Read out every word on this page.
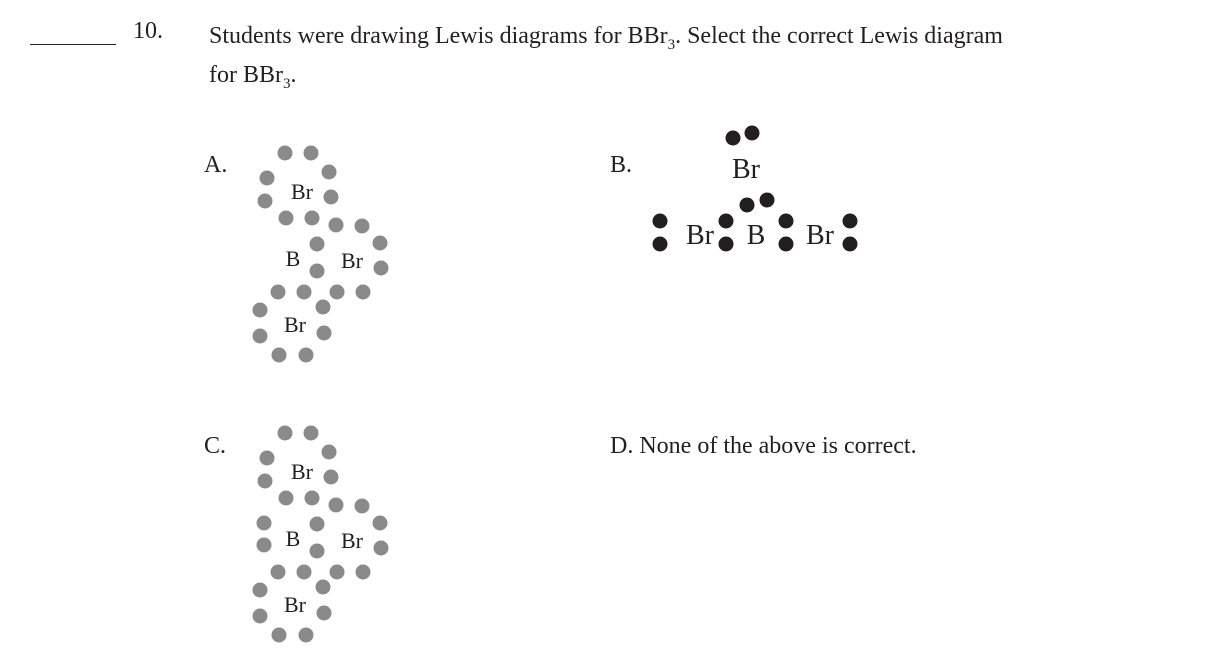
10. Students were drawing Lewis diagrams for BBr$_3$. Select the correct Lewis diagram
for BBr$_3$.
A.
Br
B Br
Br
B.	Br
Br B Br
C.
Br
B Br
Br
D. None of the above is correct.
